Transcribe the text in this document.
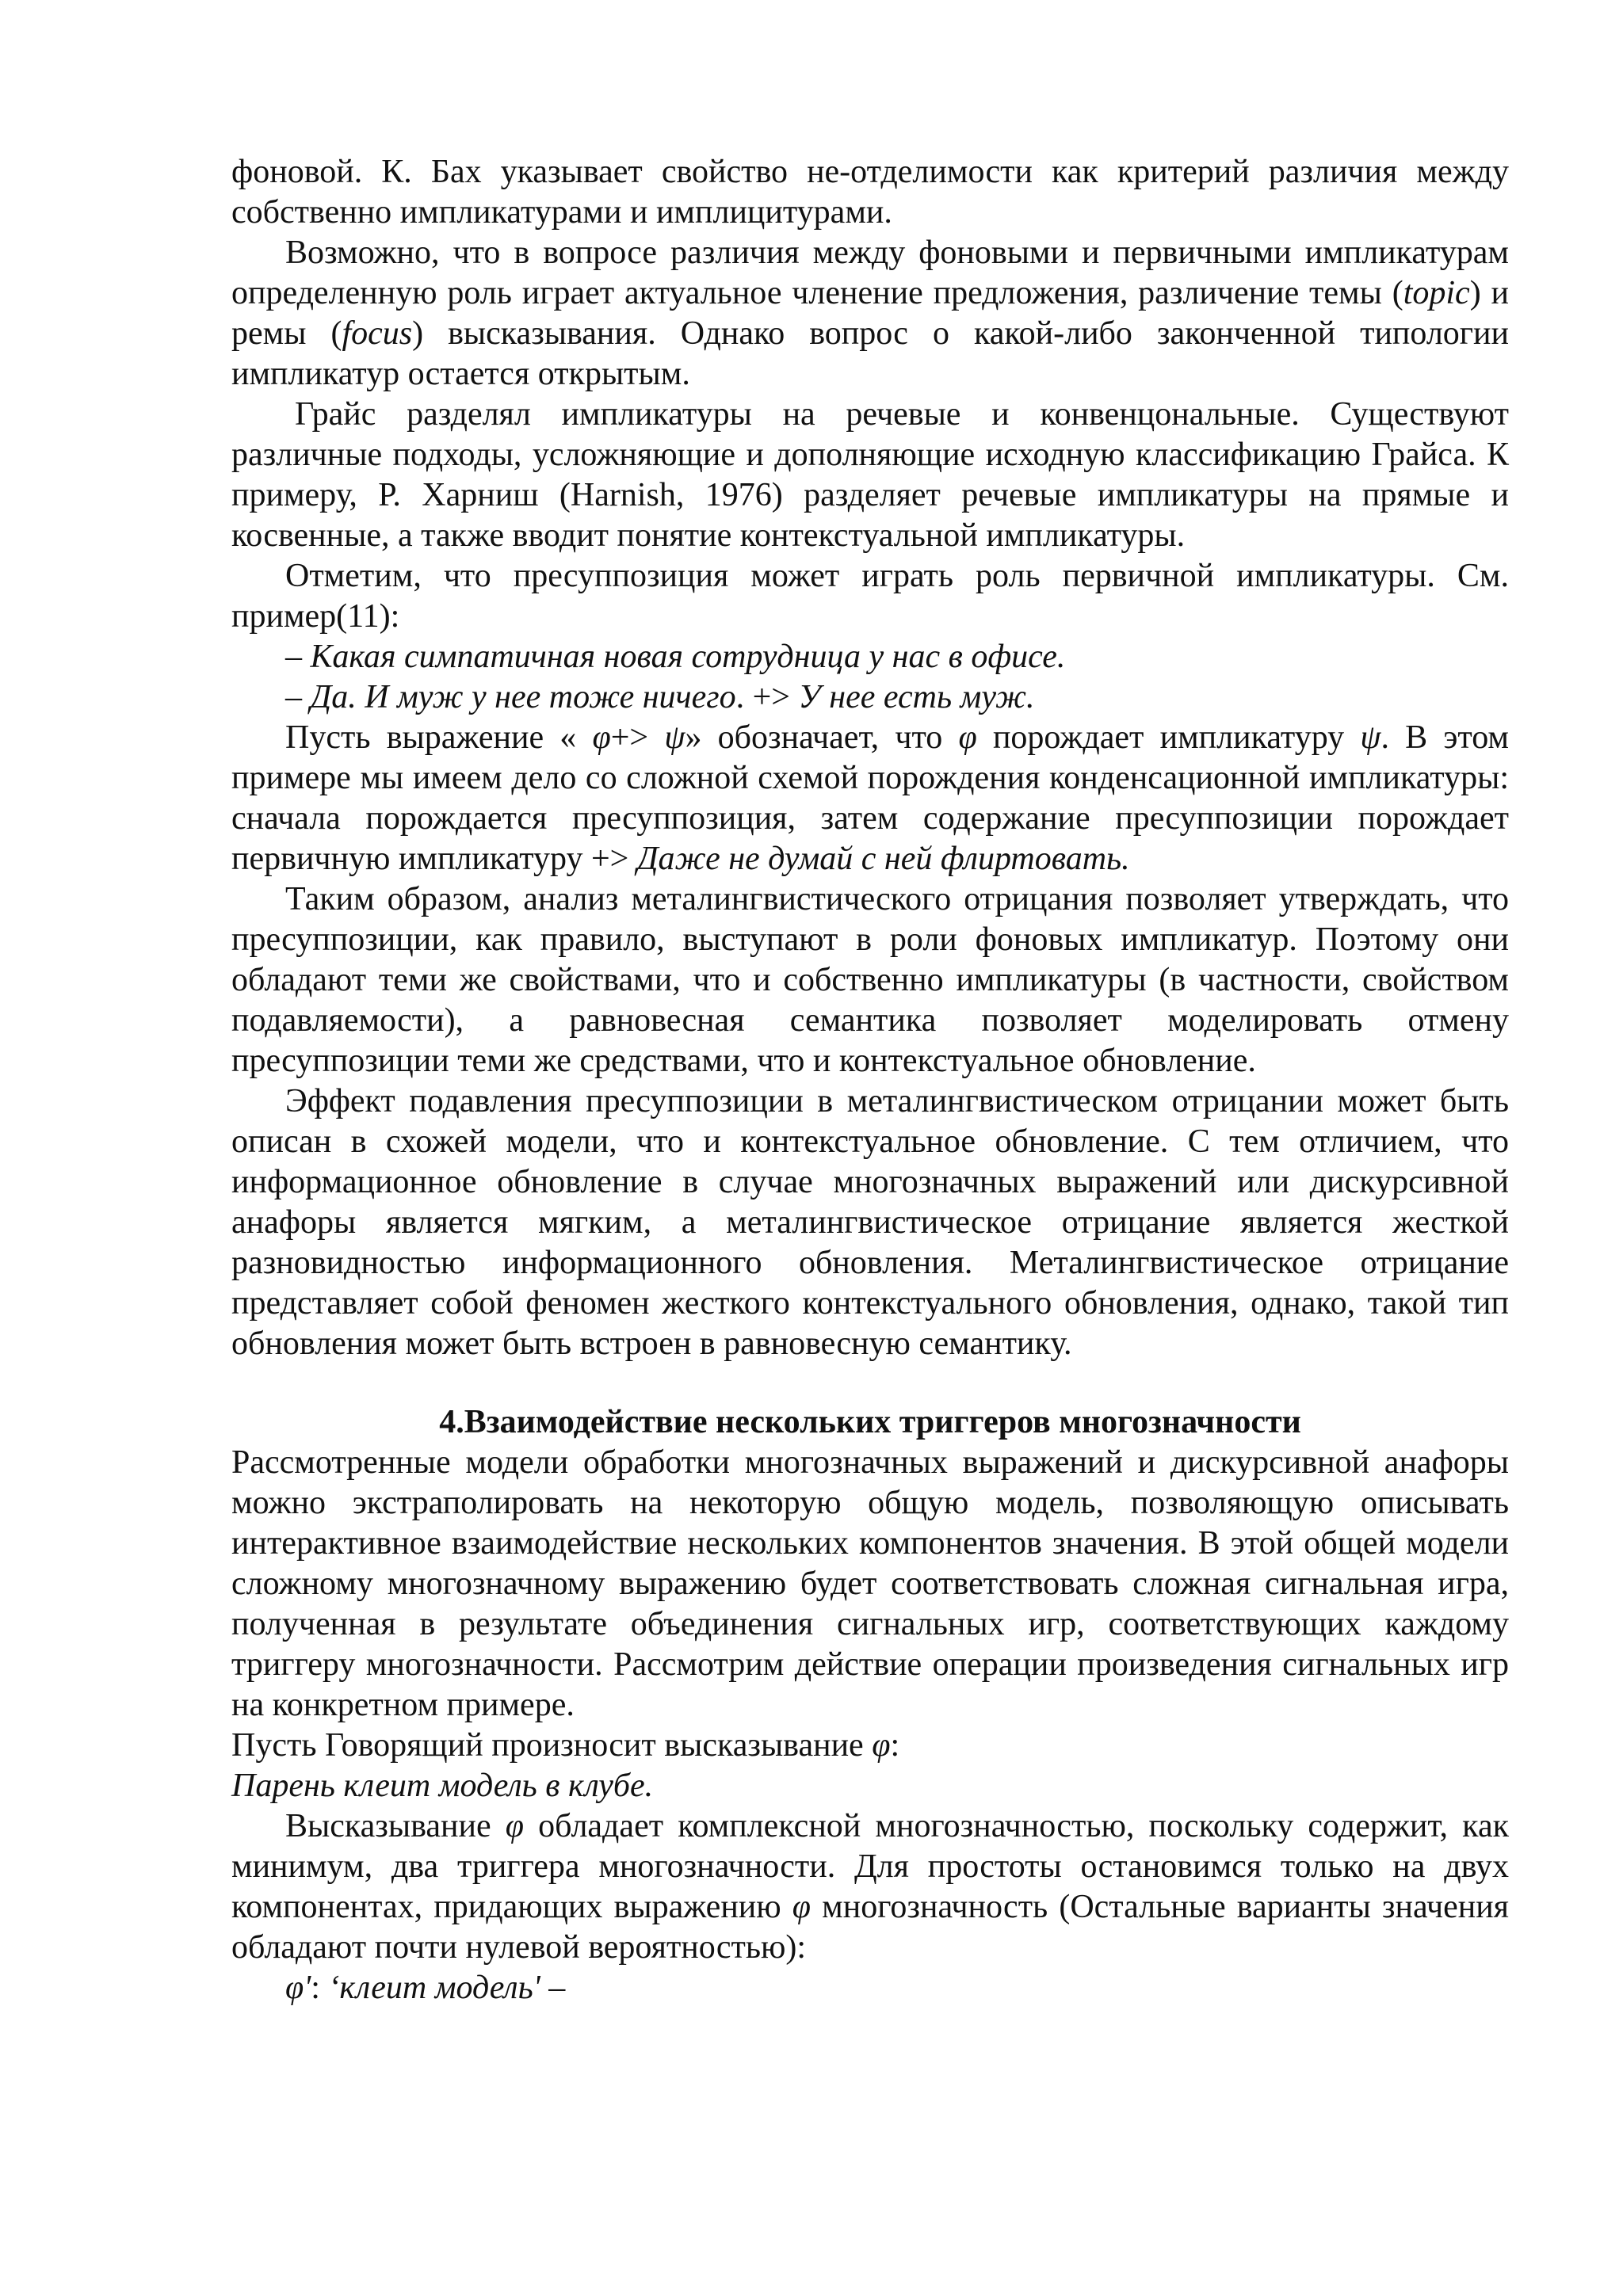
фоновой. К. Бах указывает свойство не-отделимости как критерий различия между собственно импликатурами и имплицитурами.

Возможно, что в вопросе различия между фоновыми и первичными импликатурам определенную роль играет актуальное членение предложения, различение темы (topic) и ремы (focus) высказывания. Однако вопрос о какой-либо законченной типологии импликатур остается открытым.

Грайс разделял импликатуры на речевые и конвенцональные. Существуют различные подходы, усложняющие и дополняющие исходную классификацию Грайса. К примеру, Р. Харниш (Harnish, 1976) разделяет речевые импликатуры на прямые и косвенные, а также вводит понятие контекстуальной импликатуры.

Отметим, что пресуппозиция может играть роль первичной импликатуры. См. пример(11):

– Какая симпатичная новая сотрудница у нас в офисе.

– Да. И муж у нее тоже ничего. +> У нее есть муж.

Пусть выражение « φ+> ψ» обозначает, что φ порождает импликатуру ψ. В этом примере мы имеем дело со сложной схемой порождения конденсационной импликатуры: сначала порождается пресуппозиция, затем содержание пресуппозиции порождает первичную импликатуру +> Даже не думай с ней флиртовать.

Таким образом, анализ металингвистического отрицания позволяет утверждать, что пресуппозиции, как правило, выступают в роли фоновых импликатур. Поэтому они обладают теми же свойствами, что и собственно импликатуры (в частности, свойством подавляемости), а равновесная семантика позволяет моделировать отмену пресуппозиции теми же средствами, что и контекстуальное обновление.

Эффект подавления пресуппозиции в металингвистическом отрицании может быть описан в схожей модели, что и контекстуальное обновление. С тем отличием, что информационное обновление в случае многозначных выражений или дискурсивной анафоры является мягким, а металингвистическое отрицание является жесткой разновидностью информационного обновления. Металингвистическое отрицание представляет собой феномен жесткого контекстуального обновления, однако, такой тип обновления может быть встроен в равновесную семантику.

4.Взаимодействие нескольких триггеров многозначности

Рассмотренные модели обработки многозначных выражений и дискурсивной анафоры можно экстраполировать на некоторую общую модель, позволяющую описывать интерактивное взаимодействие нескольких компонентов значения. В этой общей модели сложному многозначному выражению будет соответствовать сложная сигнальная игра, полученная в результате объединения сигнальных игр, соответствующих каждому триггеру многозначности. Рассмотрим действие операции произведения сигнальных игр на конкретном примере.

Пусть Говорящий произносит высказывание φ:

Парень клеит модель в клубе.

Высказывание φ обладает комплексной многозначностью, поскольку содержит, как минимум, два триггера многозначности. Для простоты остановимся только на двух компонентах, придающих выражению φ многозначность (Остальные варианты значения обладают почти нулевой вероятностью):

φ': ‘клеит модель' –
